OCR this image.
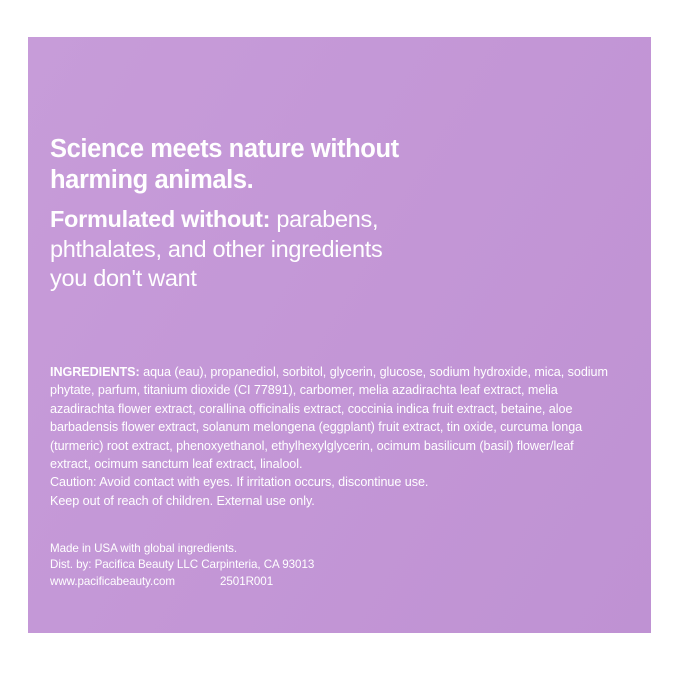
Science meets nature without

harming animals.

Formulated without: parabens,

phthalates, and other ingredients

you don't want

INGREDIENTS: aqua (eau), propanediol, sorbitol, glycerin, glucose, sodium hydroxide, mica, sodium phytate, parfum, titanium dioxide (CI 77891), carbomer, melia azadirachta leaf extract, melia azadirachta flower extract, corallina officinalis extract, coccinia indica fruit extract, betaine, aloe barbadensis flower extract, solanum melongena (eggplant) fruit extract, tin oxide, curcuma longa (turmeric) root extract, phenoxyethanol, ethylhexylglycerin, ocimum basilicum (basil) flower/leaf extract, ocimum sanctum leaf extract, linalool.

Caution: Avoid contact with eyes. If irritation occurs, discontinue use.

Keep out of reach of children. External use only.

Made in USA with global ingredients.

Dist. by: Pacifica Beauty LLC Carpinteria, CA 93013

www.pacificabeauty.com	2501R001
